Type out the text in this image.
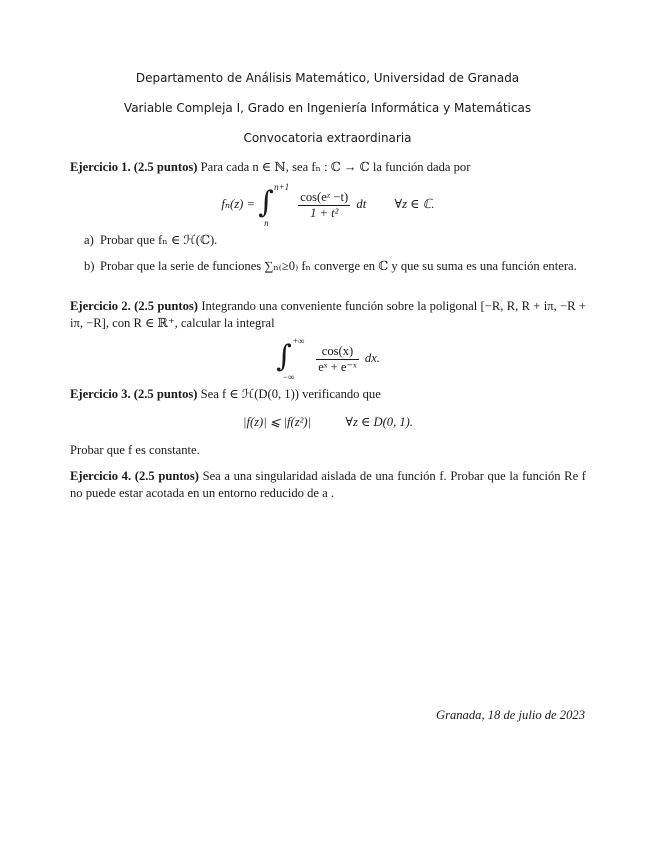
Departamento de Análisis Matemático, Universidad de Granada
Variable Compleja I, Grado en Ingeniería Informática y Matemáticas
Convocatoria extraordinaria
Ejercicio 1. (2.5 puntos) Para cada n ∈ ℕ, sea fₙ : ℂ → ℂ la función dada por
fₙ(z) = ∫ n+1
n

$\frac{\text{cos(eᶻ −t)}}{\text{1 + t²}}$ dt ∀z ∈ ℂ.
a) Probar que fₙ ∈ ℋ(ℂ).
b) Probar que la serie de funciones ∑ₙ₍≥0₎ fₙ converge en ℂ y que su suma es una función entera.
Ejercicio 2. (2.5 puntos) Integrando una conveniente función sobre la poligonal [−R, R, R + iπ, −R + iπ, −R], con R ∈ ℝ⁺, calcular la integral
∫ +∞
−∞

$\frac{\cos(x)}{\text{eˣ + e⁻ˣ}}$ dx.
Ejercicio 3. (2.5 puntos) Sea f ∈ ℋ(D(0, 1)) verificando que
|f(z)| ⩽ |f(z²)|	∀z ∈ D(0, 1).
Probar que f es constante.
Ejercicio 4. (2.5 puntos) Sea a una singularidad aislada de una función f. Probar que la función Re f no puede estar acotada en un entorno reducido de a .
Granada, 18 de julio de 2023
